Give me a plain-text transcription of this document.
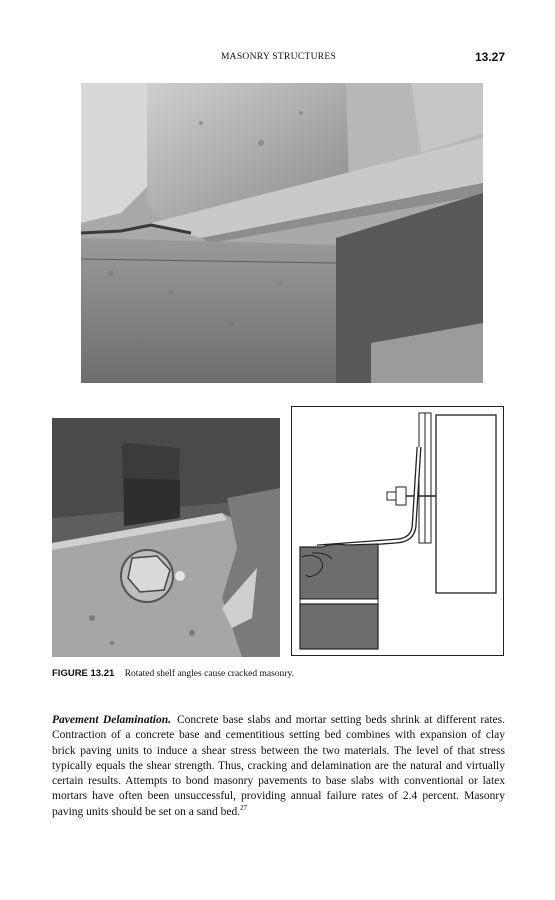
MASONRY STRUCTURES	13.27
FIGURE 13.21 Rotated shelf angles cause cracked masonry.
Pavement Delamination. Concrete base slabs and mortar setting beds shrink at different rates. Contraction of a concrete base and cementitious setting bed combines with expansion of clay brick paving units to induce a shear stress between the two materials. The level of that stress typically equals the shear strength. Thus, cracking and delamination are the natural and virtually certain results. Attempts to bond masonry pavements to base slabs with conventional or latex mortars have often been unsuccessful, providing annual failure rates of 2.4 percent. Masonry paving units should be set on a sand bed.$^{27}$
